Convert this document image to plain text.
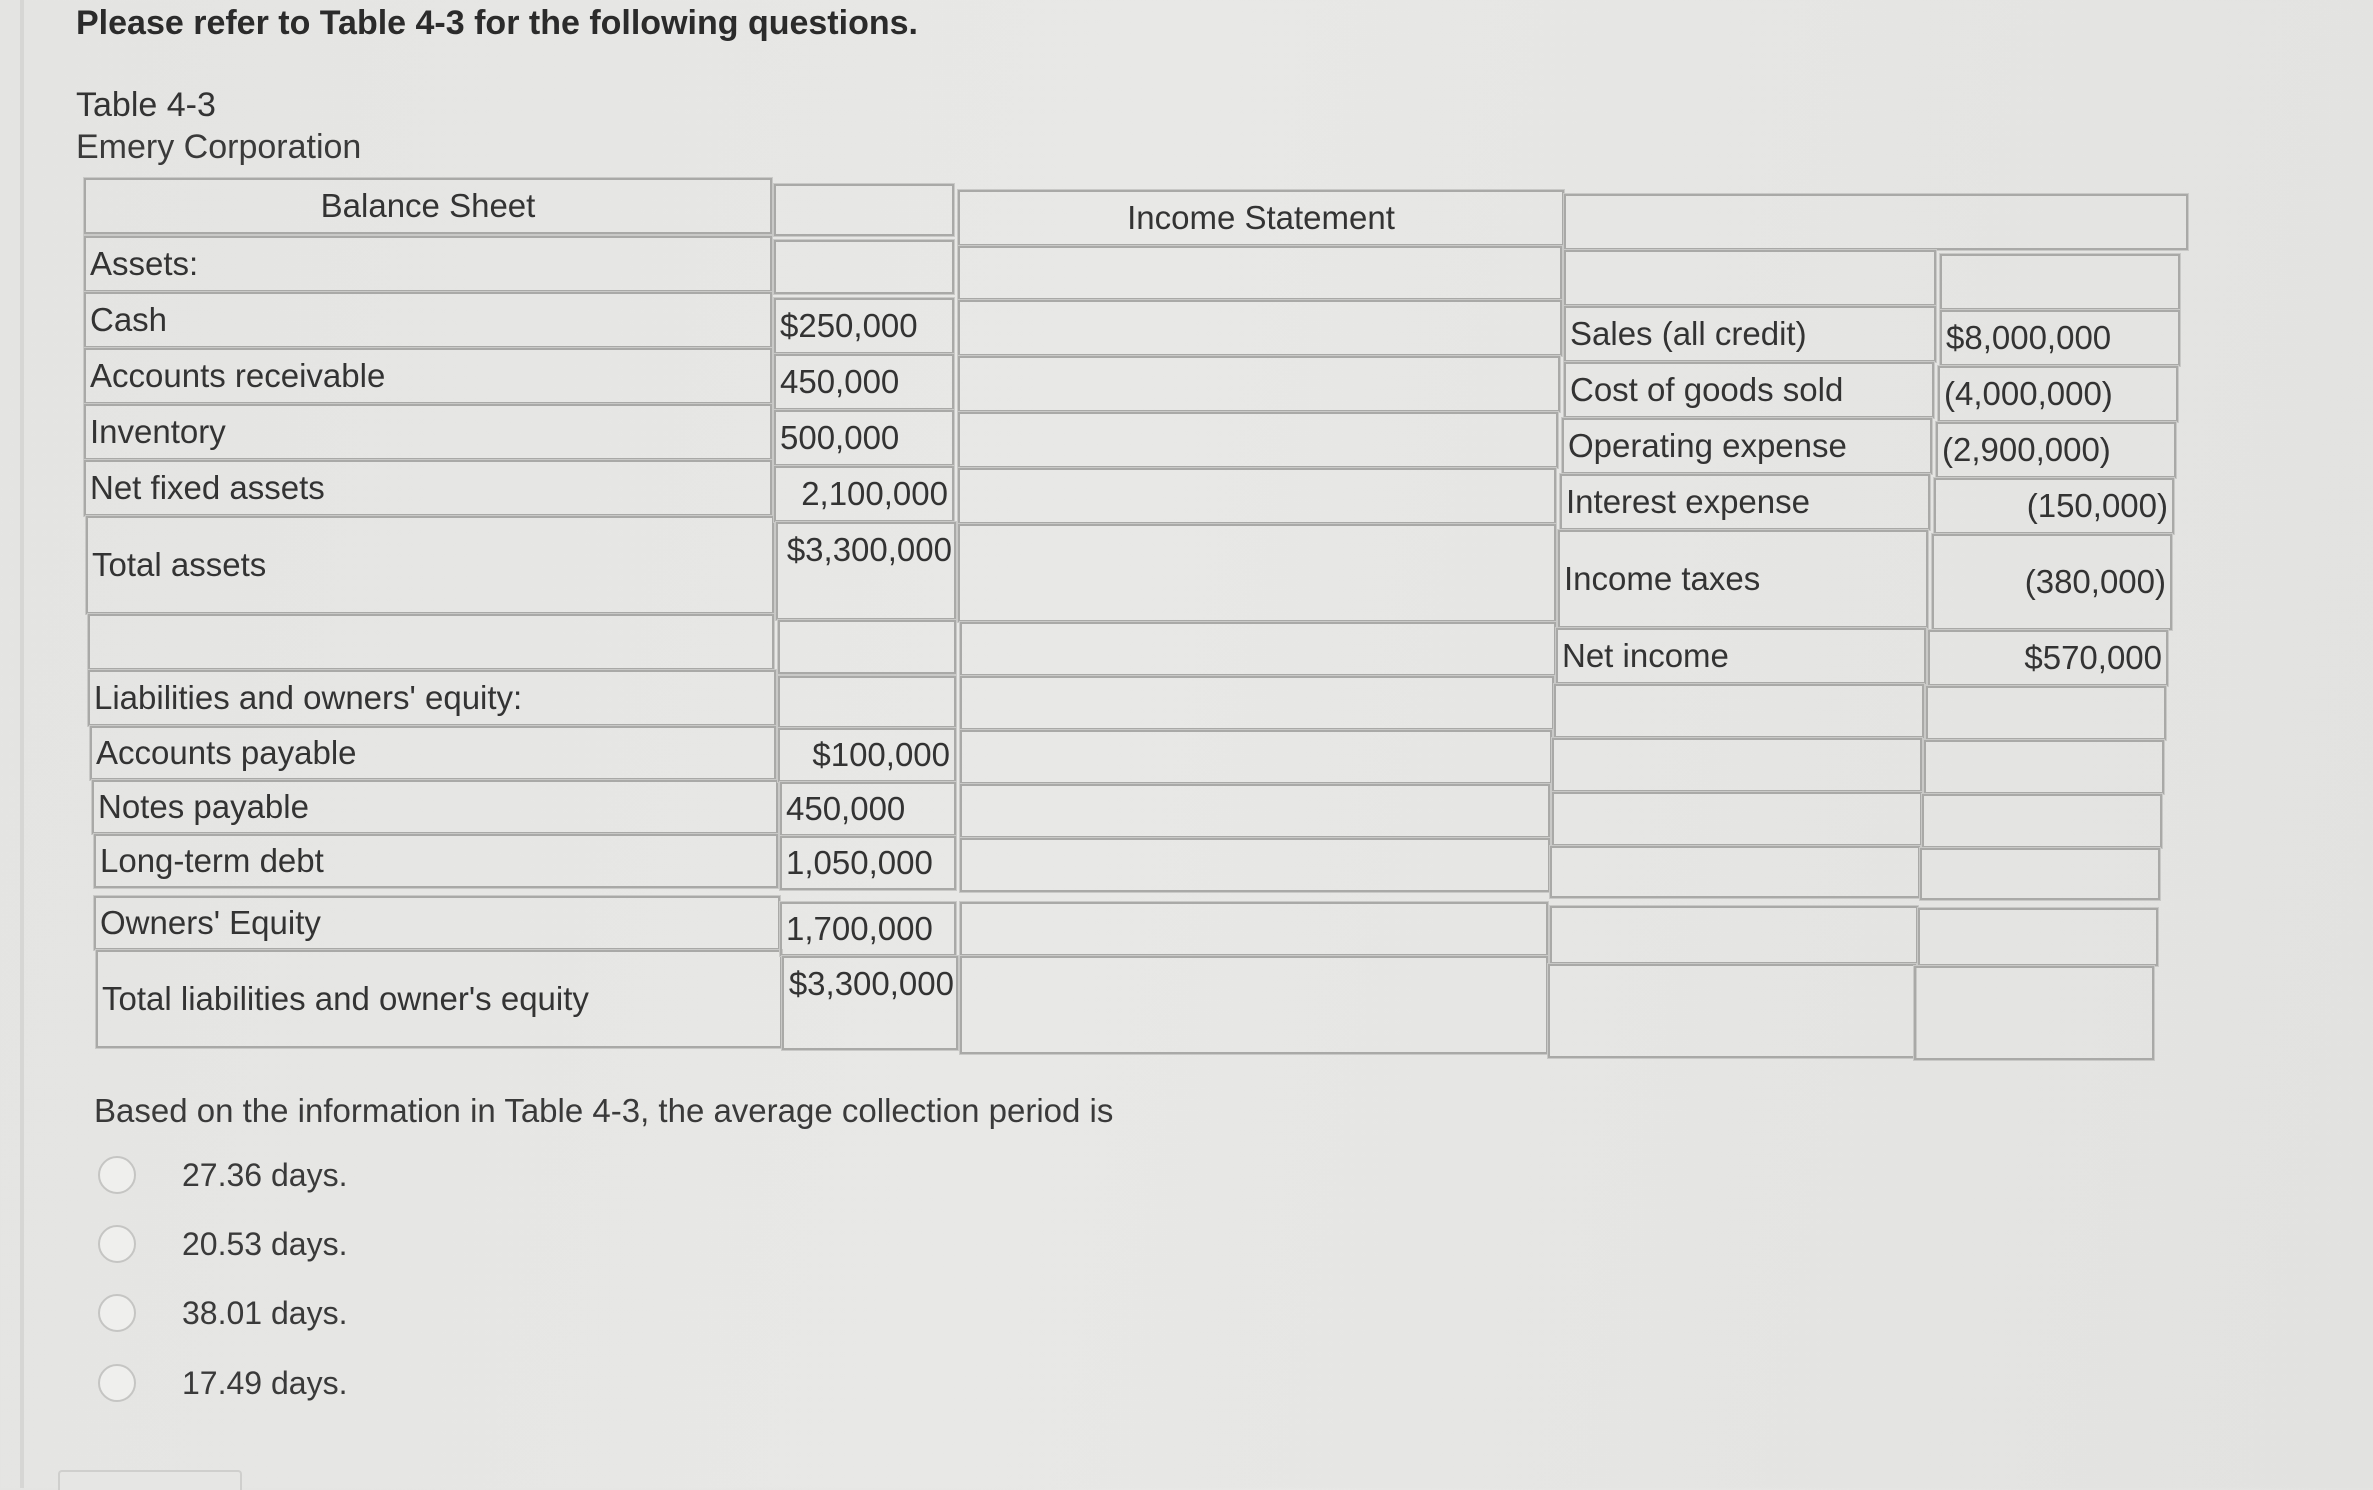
Please refer to Table 4-3 for the following questions.
Table 4-3
Emery Corporation
Balance Sheet
Assets:
Cash
Accounts receivable
Inventory
Net fixed assets
Total assets
Liabilities and owners' equity:
Accounts payable
Notes payable
Long-term debt
Owners' Equity
Total liabilities and owner's equity
$250,000
450,000
500,000
2,100,000
$3,300,000
$100,000
450,000
1,050,000
1,700,000
$3,300,000
Income Statement
Sales (all credit)
Cost of goods sold
Operating expense
Interest expense
Income taxes
Net income
$8,000,000
(4,000,000)
(2,900,000)
(150,000)
(380,000)
$570,000
Based on the information in Table 4-3, the average collection period is
27.36 days.
20.53 days.
38.01 days.
17.49 days.
